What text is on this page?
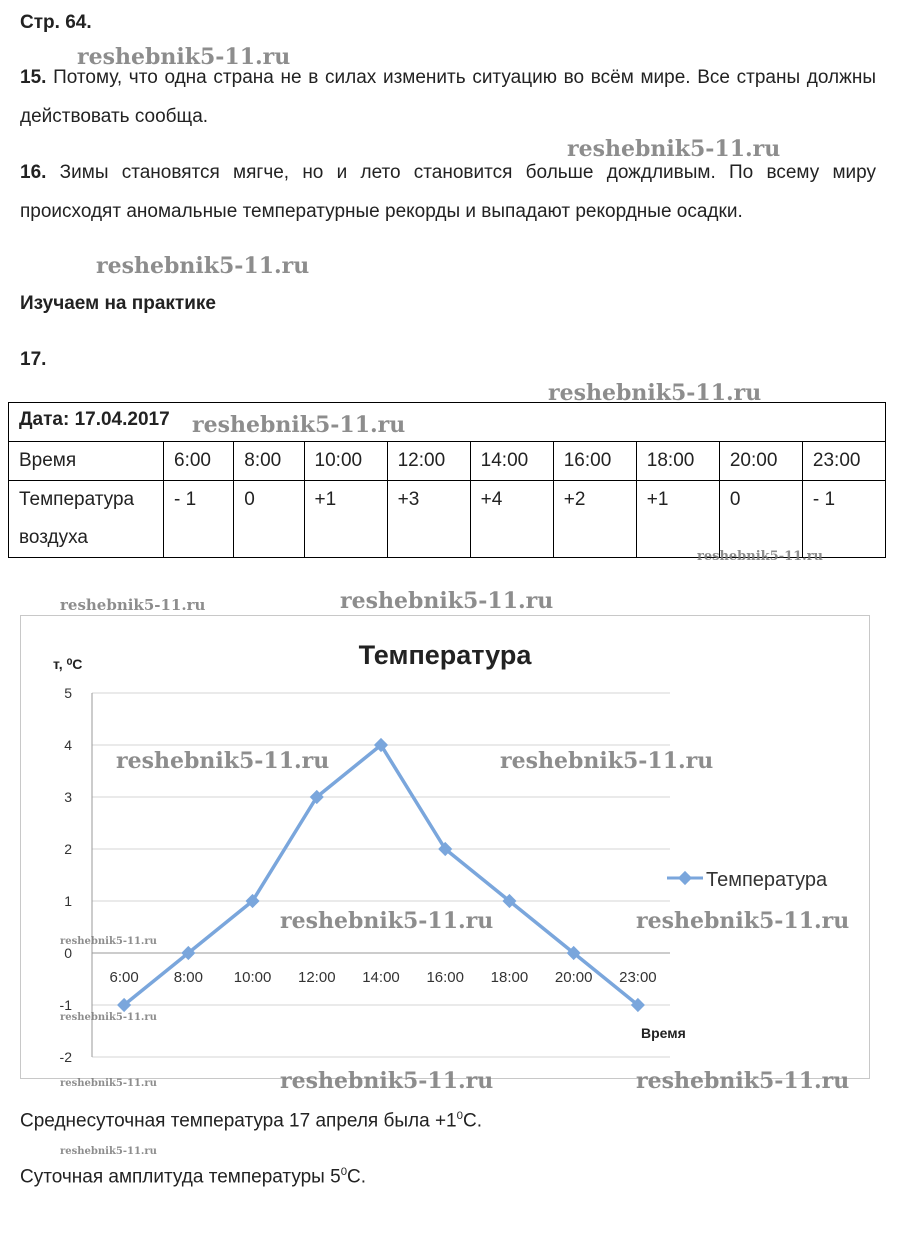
Стр. 64.
15. Потому, что одна страна не в силах изменить ситуацию во всём мире. Все страны должны действовать сообща.
16. Зимы становятся мягче, но и лето становится больше дождливым. По всему миру происходят аномальные температурные рекорды и выпадают рекордные осадки.
Изучаем на практике
17.
Дата: 17.04.2017									
Время	6:00	8:00	10:00	12:00	14:00	16:00	18:00	20:00	23:00
Температура
воздуха	- 1	0	+1	+3	+4	+2	+1	0	- 1
Температура
т, ⁰С
Время
-2
-1
0
1
2
3
4
5
6:00 8:00 10:00 12:00 14:00 16:00 18:00 20:00 23:00
Температура
Среднесуточная температура 17 апреля была $+1^0С$.
Суточная амплитуда температуры $5^0С$.
reshebnik5-11.ru
reshebnik5-11.ru
reshebnik5-11.ru
reshebnik5-11.ru
reshebnik5-11.ru
reshebnik5-11.ru
reshebnik5-11.ru	reshebnik5-11.ru
reshebnik5-11.ru	reshebnik5-11.ru
reshebnik5-11.ru	reshebnik5-11.ru
reshebnik5-11.ru
reshebnik5-11.ru
reshebnik5-11.ru	reshebnik5-11.ru
reshebnik5-11.ru
reshebnik5-11.ru
